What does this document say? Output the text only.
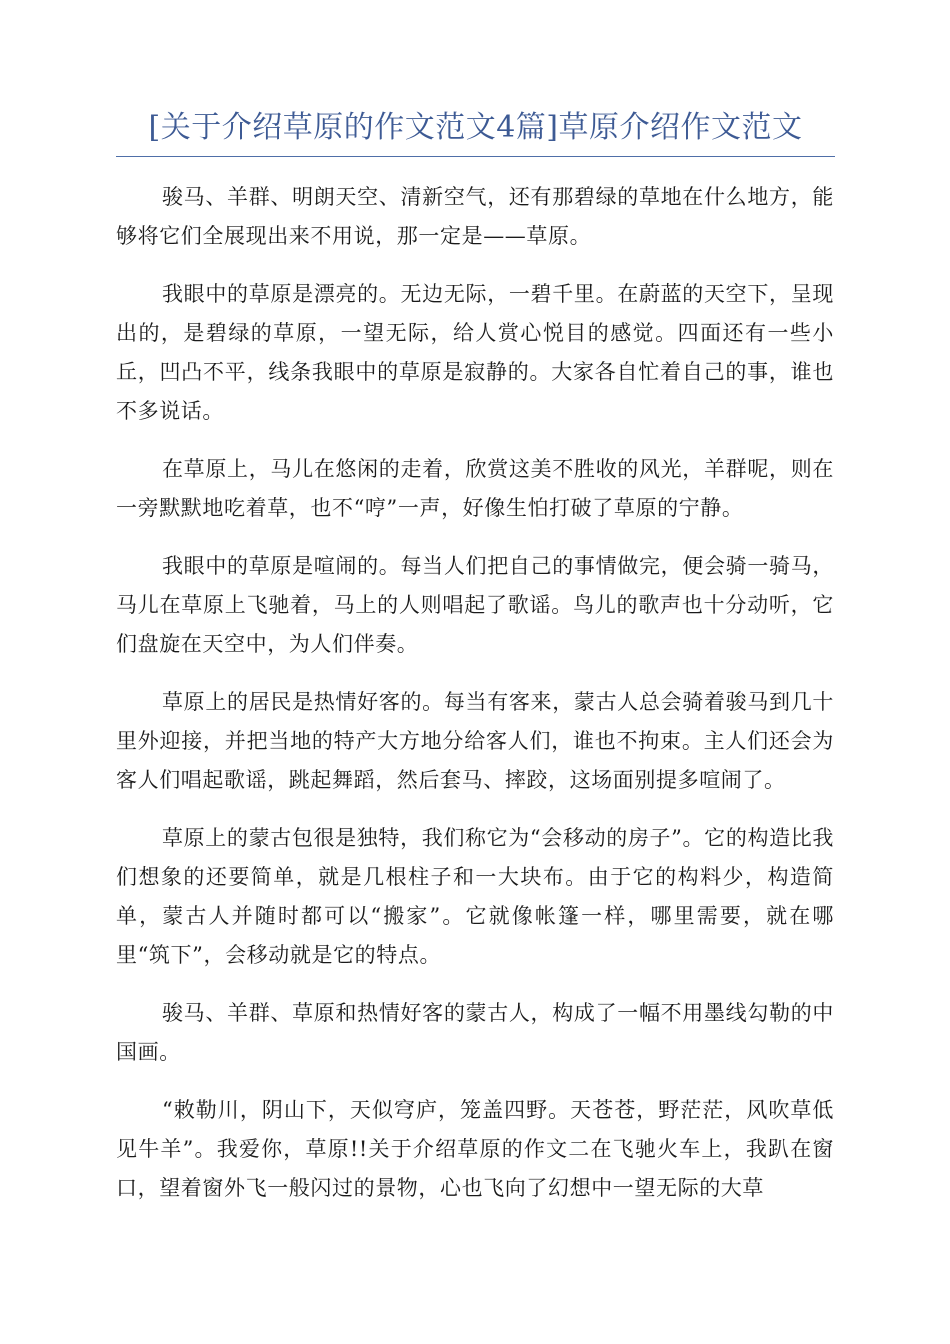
[关于介绍草原的作文范文4篇]草原介绍作文范文

骏马、羊群、明朗天空、清新空气，还有那碧绿的草地在什么地方，能够将它们全展现出来不用说，那一定是——草原。

我眼中的草原是漂亮的。无边无际，一碧千里。在蔚蓝的天空下，呈现出的，是碧绿的草原，一望无际，给人赏心悦目的感觉。四面还有一些小丘，凹凸不平，线条我眼中的草原是寂静的。大家各自忙着自己的事，谁也不多说话。

在草原上，马儿在悠闲的走着，欣赏这美不胜收的风光，羊群呢，则在一旁默默地吃着草，也不“哼”一声，好像生怕打破了草原的宁静。

我眼中的草原是喧闹的。每当人们把自己的事情做完，便会骑一骑马，马儿在草原上飞驰着，马上的人则唱起了歌谣。鸟儿的歌声也十分动听，它们盘旋在天空中，为人们伴奏。

草原上的居民是热情好客的。每当有客来，蒙古人总会骑着骏马到几十里外迎接，并把当地的特产大方地分给客人们，谁也不拘束。主人们还会为客人们唱起歌谣，跳起舞蹈，然后套马、摔跤，这场面别提多喧闹了。

草原上的蒙古包很是独特，我们称它为“会移动的房子”。它的构造比我们想象的还要简单，就是几根柱子和一大块布。由于它的构料少，构造简单，蒙古人并随时都可以“搬家”。它就像帐篷一样，哪里需要，就在哪里“筑下”，会移动就是它的特点。

骏马、羊群、草原和热情好客的蒙古人，构成了一幅不用墨线勾勒的中国画。

“敕勒川，阴山下，天似穹庐，笼盖四野。天苍苍，野茫茫，风吹草低见牛羊”。我爱你，草原!!关于介绍草原的作文二在飞驰火车上，我趴在窗口，望着窗外飞一般闪过的景物，心也飞向了幻想中一望无际的大草
